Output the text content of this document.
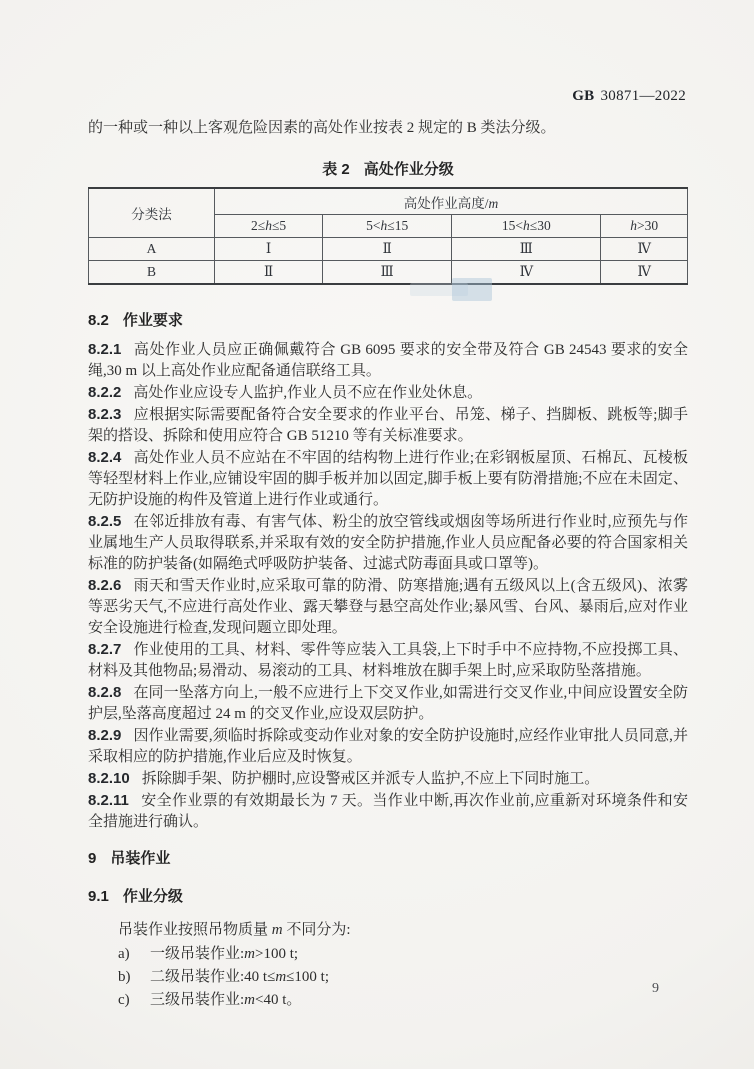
GB 30871—2022

的一种或一种以上客观危险因素的高处作业按表 2 规定的 B 类法分级。

表 2 高处作业分级
分类法	高处作业高度/m			
	2≤h≤5	5<h≤15	15<h≤30	h>30
A	Ⅰ	Ⅱ	Ⅲ	Ⅳ
B	Ⅱ	Ⅲ	Ⅳ	Ⅳ
8.2 作业要求

8.2.1 高处作业人员应正确佩戴符合 GB 6095 要求的安全带及符合 GB 24543 要求的安全绳,30 m 以上高处作业应配备通信联络工具。

8.2.2 高处作业应设专人监护,作业人员不应在作业处休息。

8.2.3 应根据实际需要配备符合安全要求的作业平台、吊笼、梯子、挡脚板、跳板等;脚手架的搭设、拆除和使用应符合 GB 51210 等有关标准要求。

8.2.4 高处作业人员不应站在不牢固的结构物上进行作业;在彩钢板屋顶、石棉瓦、瓦棱板等轻型材料上作业,应铺设牢固的脚手板并加以固定,脚手板上要有防滑措施;不应在未固定、无防护设施的构件及管道上进行作业或通行。

8.2.5 在邻近排放有毒、有害气体、粉尘的放空管线或烟囱等场所进行作业时,应预先与作业属地生产人员取得联系,并采取有效的安全防护措施,作业人员应配备必要的符合国家相关标准的防护装备(如隔绝式呼吸防护装备、过滤式防毒面具或口罩等)。

8.2.6 雨天和雪天作业时,应采取可靠的防滑、防寒措施;遇有五级风以上(含五级风)、浓雾等恶劣天气,不应进行高处作业、露天攀登与悬空高处作业;暴风雪、台风、暴雨后,应对作业安全设施进行检查,发现问题立即处理。

8.2.7 作业使用的工具、材料、零件等应装入工具袋,上下时手中不应持物,不应投掷工具、材料及其他物品;易滑动、易滚动的工具、材料堆放在脚手架上时,应采取防坠落措施。

8.2.8 在同一坠落方向上,一般不应进行上下交叉作业,如需进行交叉作业,中间应设置安全防护层,坠落高度超过 24 m 的交叉作业,应设双层防护。

8.2.9 因作业需要,须临时拆除或变动作业对象的安全防护设施时,应经作业审批人员同意,并采取相应的防护措施,作业后应及时恢复。

8.2.10 拆除脚手架、防护棚时,应设警戒区并派专人监护,不应上下同时施工。

8.2.11 安全作业票的有效期最长为 7 天。当作业中断,再次作业前,应重新对环境条件和安全措施进行确认。

9 吊装作业
9.1 作业分级

吊装作业按照吊物质量 m 不同分为:

a) 一级吊装作业:m>100 t;

b) 二级吊装作业:40 t≤m≤100 t;

c) 三级吊装作业:m<40 t。

9
